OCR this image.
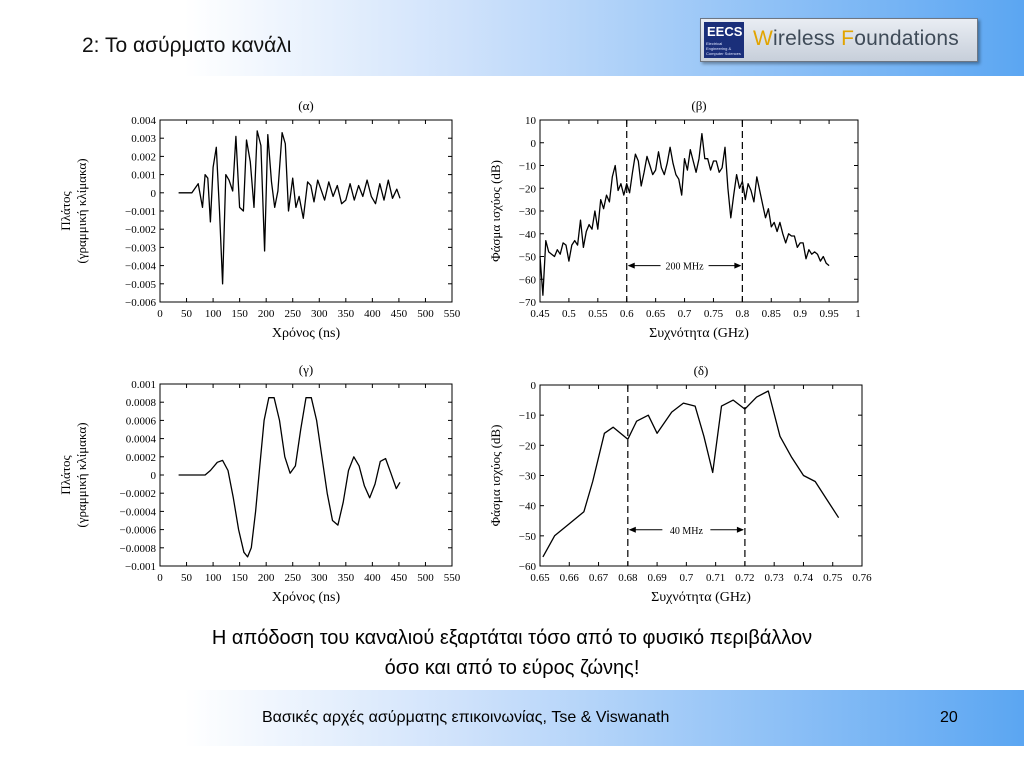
2: Το ασύρματο κανάλι
EECS
Electrical Engineering & Computer Sciences
Wireless Foundations
(α)
0 50 100 150 200 250 300 350 400 450 500 550
0.004
0.003
0.002
0.001
0
−0.001
−0.002
−0.003
−0.004
−0.005
−0.006
Χρόνος (ns)
Πλάτος (γραμμική κλίμακα)
(β)
0.45 0.5 0.55 0.6 0.65 0.7 0.75 0.8 0.85 0.9 0.95 1
10
0
−10
−20
−30
−40
−50
−60
−70
Συχνότητα (GHz)
Φάσμα ισχύος (dB)
200 MHz
(γ)
0 50 100 150 200 250 300 350 400 450 500 550
0.001
0.0008
0.0006
0.0004
0.0002
0
−0.0002
−0.0004
−0.0006
−0.0008
−0.001
Χρόνος (ns)
Πλάτος (γραμμική κλίμακα)
(δ)
0.65 0.66 0.67 0.68 0.69 0.7 0.71 0.72 0.73 0.74 0.75 0.76
0
−10
−20
−30
−40
−50
−60
Συχνότητα (GHz)
Φάσμα ισχύος (dB)
40 MHz
Η απόδοση του καναλιού εξαρτάται τόσο από το φυσικό περιβάλλον
όσο και από το εύρος ζώνης!
Βασικές αρχές ασύρματης επικοινωνίας, Tse & Viswanath	20
